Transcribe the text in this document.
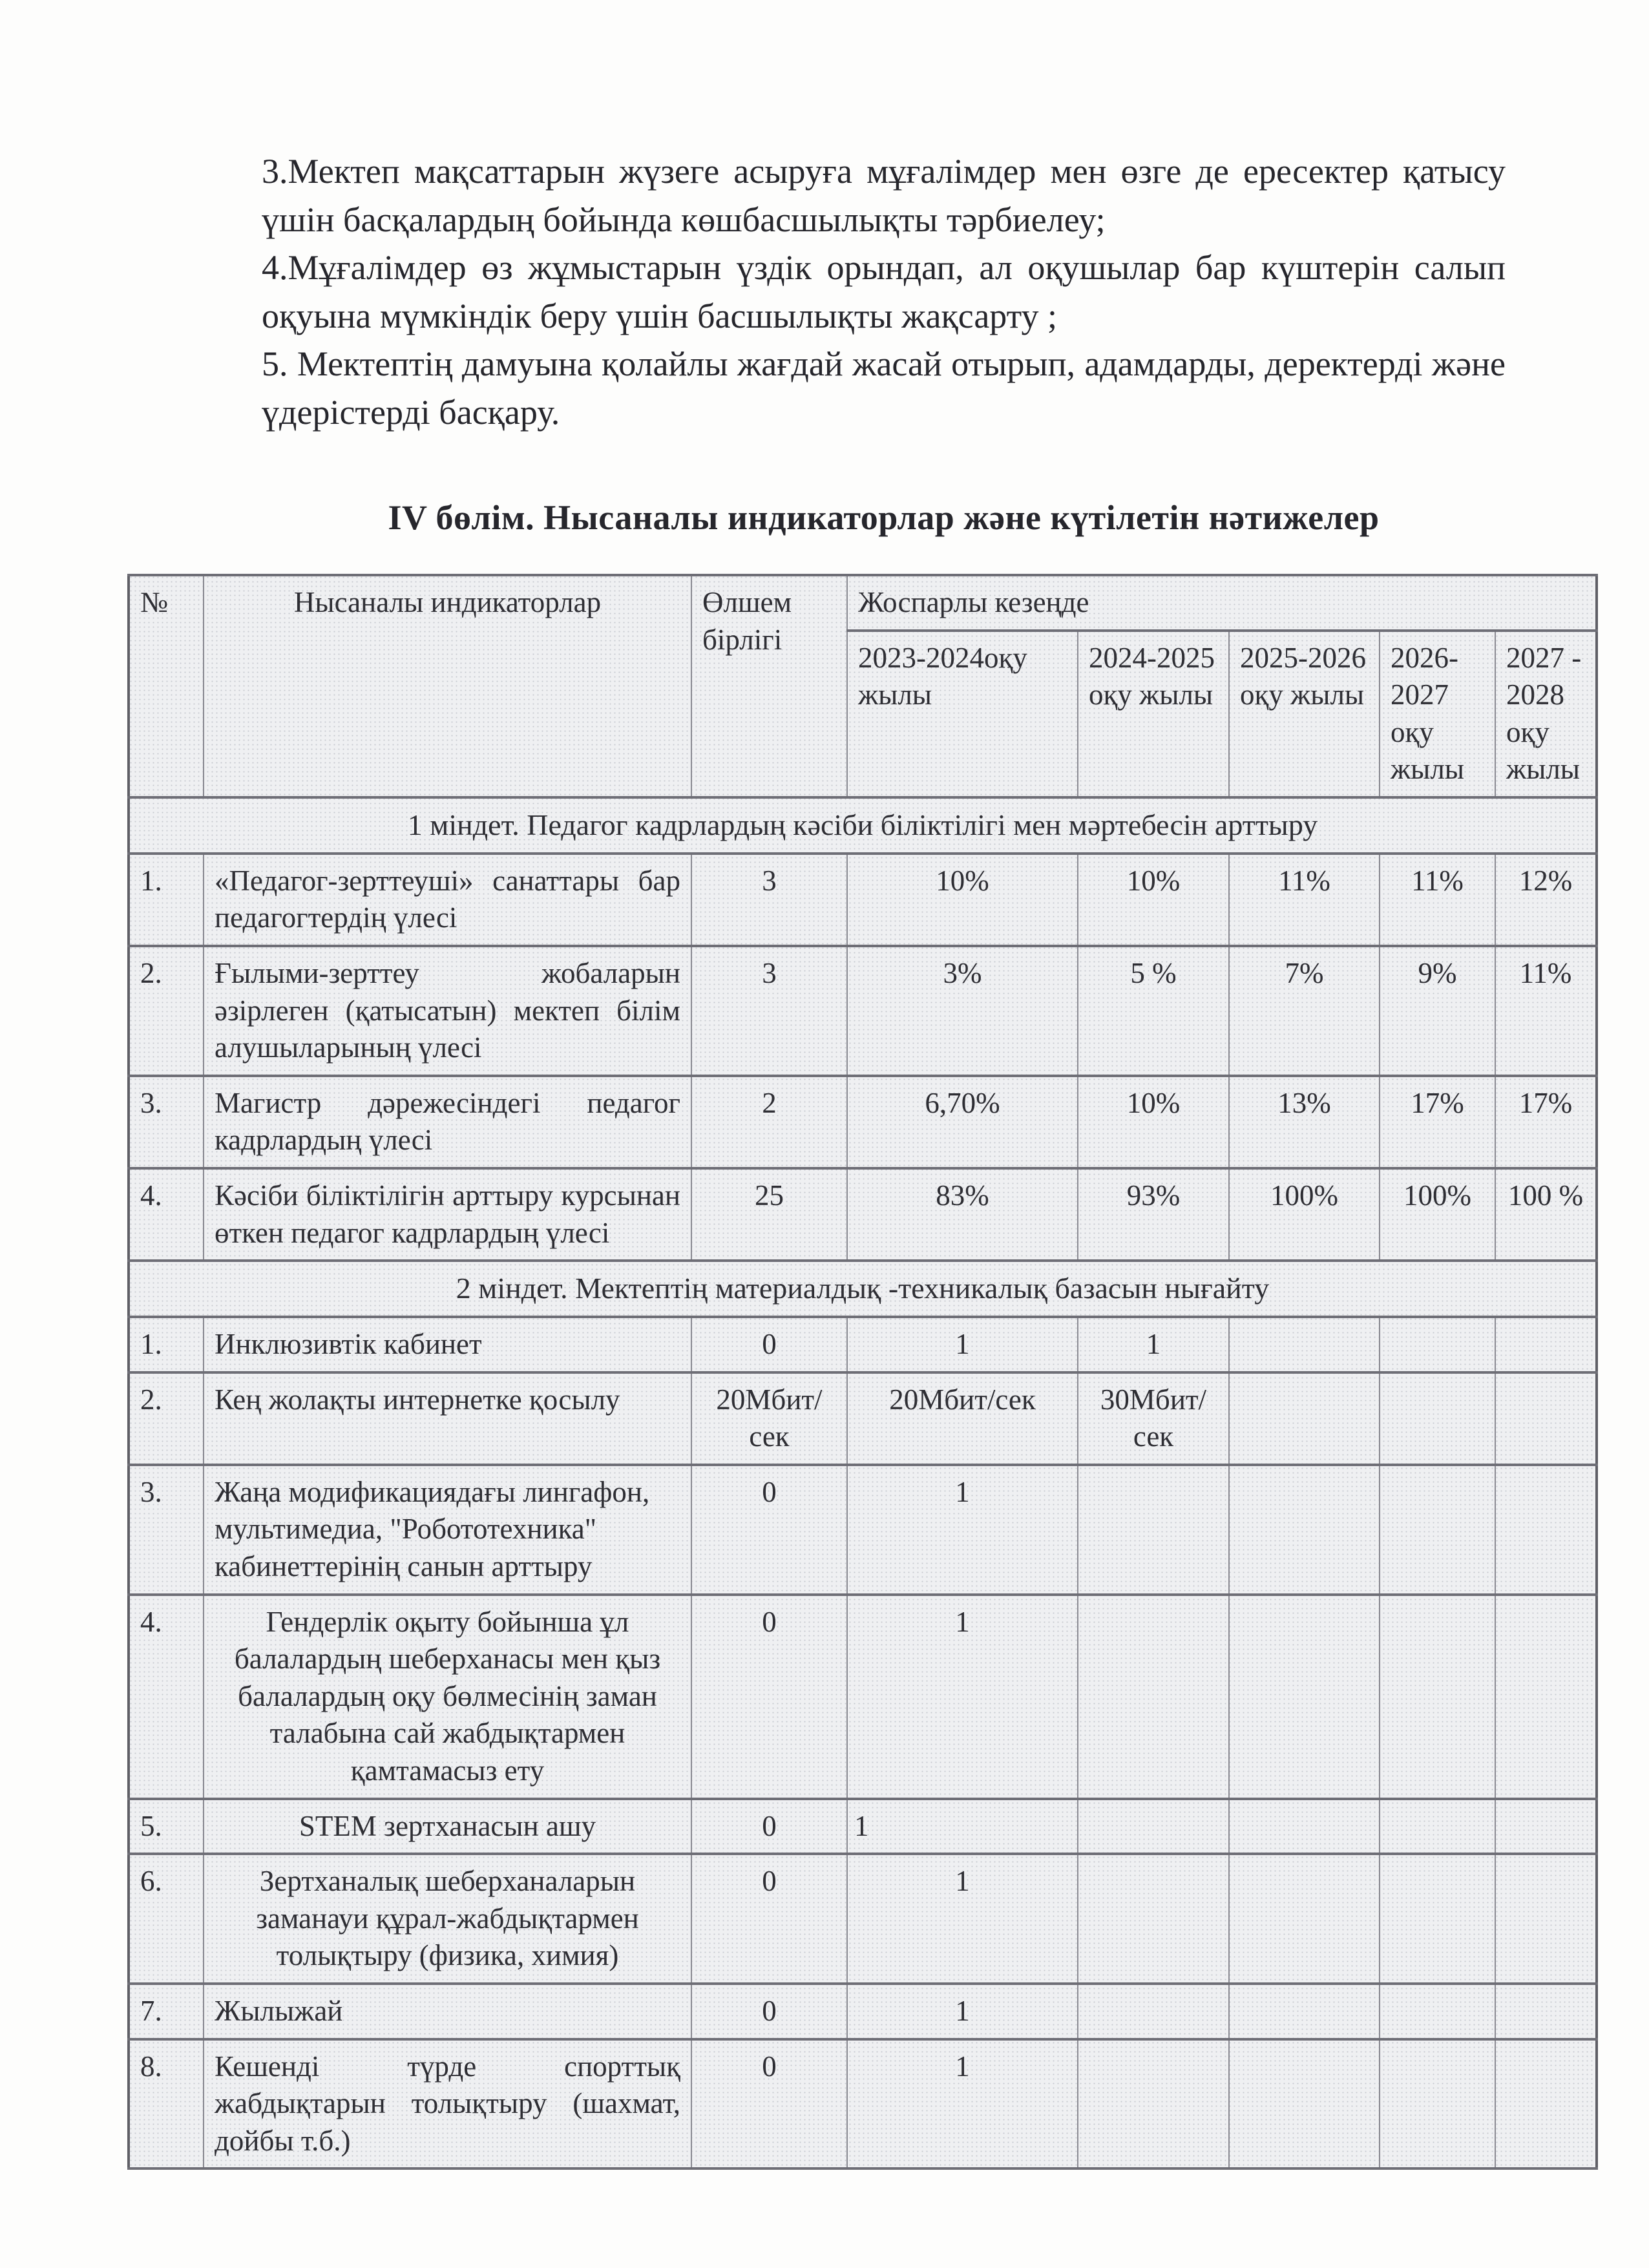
3.Мектеп мақсаттарын жүзеге асыруға мұғалімдер мен өзге де ересектер қатысу үшін басқалардың бойында көшбасшылықты тәрбиелеу;

4.Мұғалімдер өз жұмыстарын үздік орындап, ал оқушылар бар күштерін салып оқуына мүмкіндік беру үшін басшылықты жақсарту ;

5. Мектептің дамуына қолайлы жағдай жасай отырып, адамдарды, деректерді және үдерістерді басқару.

IV бөлім. Нысаналы индикаторлар және күтілетін нәтижелер
№	Нысаналы индикаторлар	Өлшем бірлігі	Жоспарлы кезеңде				
			2023-2024оқу жылы	2024-2025 оқу жылы	2025-2026 оқу жылы	2026-2027 оқу жылы	2027 - 2028 оқу жылы
1 міндет. Педагог кадрлардың кәсіби біліктілігі мен мәртебесін арттыру							
1.	«Педагог-зерттеуші» санаттары бар педагогтердің үлесі	3	10%	10%	11%	11%	12%
2.	Ғылыми-зерттеу жобаларын әзірлеген (қатысатын) мектеп білім алушыларының үлесі	3	3%	5 %	7%	9%	11%
3.	Магистр дәрежесіндегі педагог кадрлардың үлесі	2	6,70%	10%	13%	17%	17%
4.	Кәсіби біліктілігін арттыру курсынан өткен педагог кадрлардың үлесі	25	83%	93%	100%	100%	100 %
2 міндет. Мектептің материалдық -техникалық базасын нығайту							
1.	Инклюзивтік кабинет	0	1	1			
2.	Кең жолақты интернетке қосылу	20Мбит/ сек	20Мбит/сек	30Мбит/ сек			
3.	Жаңа модификациядағы лингафон, мультимедиа, "Робототехника" кабинеттерінің санын арттыру	0	1				
4.	Гендерлік оқыту бойынша ұл балалардың шеберханасы мен қыз балалардың оқу бөлмесінің заман талабына сай жабдықтармен қамтамасыз ету	0	1				
5.	STEM зертханасын ашу	0	1				
6.	Зертханалық шеберханаларын заманауи құрал-жабдықтармен толықтыру (физика, химия)	0	1				
7.	Жылыжай	0	1				
8.	Кешенді түрде спорттық жабдықтарын толықтыру (шахмат, дойбы т.б.)	0	1				
